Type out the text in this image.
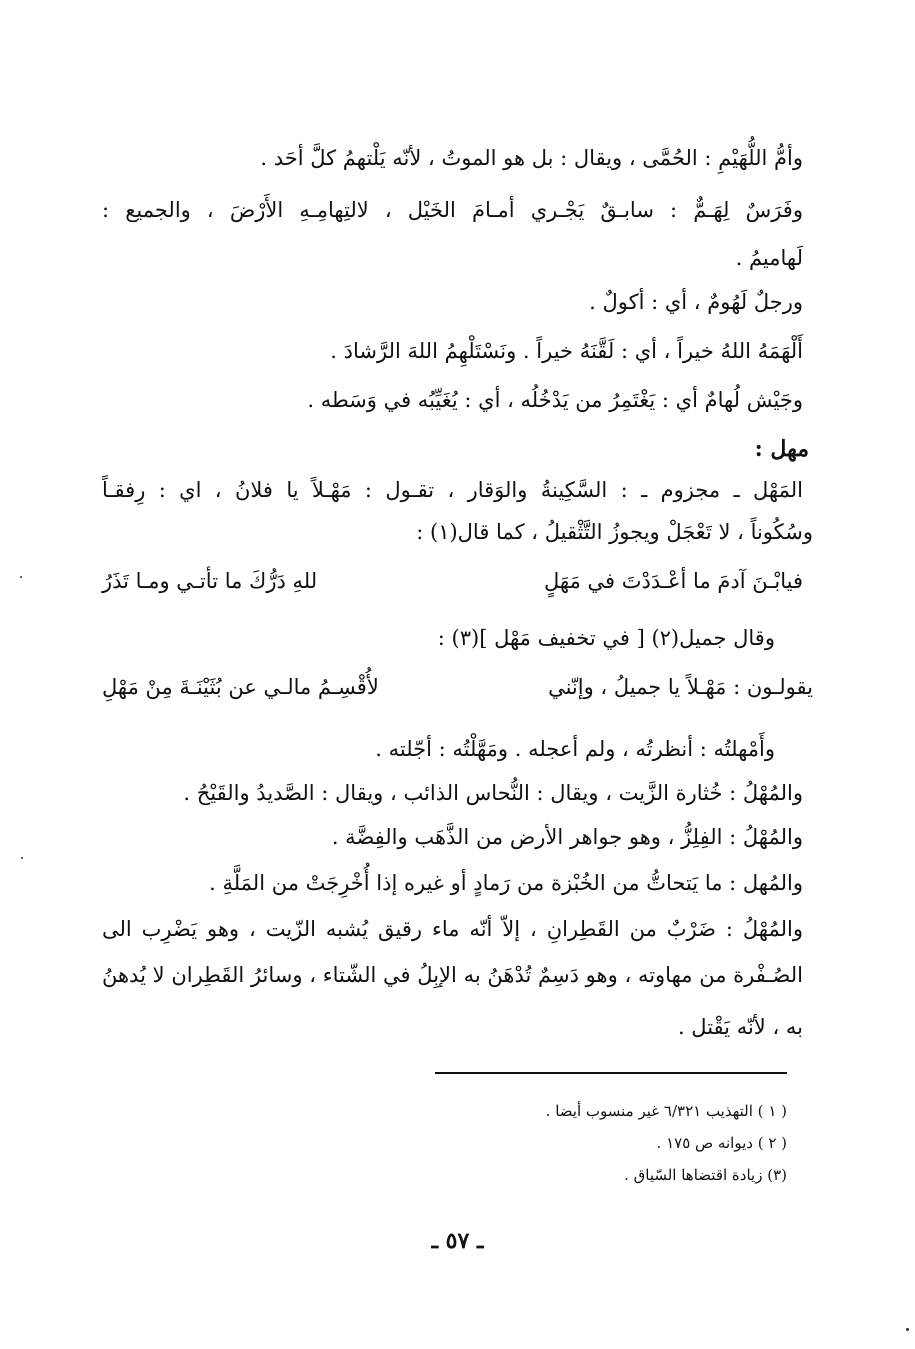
وأمُّ اللُّهَيْمِ : الحُمَّى ، ويقال : بل هو الموتُ ، لأنّه يَلْتهمُ كلَّ أحَد .
وفَرَسٌ لِهَـمٌّ : سابـقٌ يَجْـري أمـامَ الخَيْل ، لالتِهامِـهِ الأَرْضَ ، والجميع :
لَهاميمُ .
ورجلٌ لَهُومٌ ، أي : أكولٌ .
أَلْهَمَهُ اللهُ خيراً ، أي : لَقَّنَهُ خيراً . ونَسْتَلْهِمُ اللهَ الرَّشادَ .
وجَيْش لُهامٌ أي : يَغْتَمِرُ من يَدْخُلُه ، أي : يُغَيِّبُه في وَسَطه .
مهل :
المَهْل ـ مجزوم ـ : السَّكِينةُ والوَقار ، تقـول : مَهْـلاً يا فلانُ ، اي : رِفقـاً
وسُكُوناً ، لا تَعْجَلْ ويجوزُ التَّثْقيلُ ، كما قال(١) :
فيابْـنَ آدمَ ما أعْـدَدْتَ في مَهَلٍ
للهِ دَرُّكَ ما تأتـي ومـا تَذَرُ
وقال جميل(٢) [ في تخفيف مَهْل ](٣) :
يقولـون : مَهْـلاً يا جميلُ ، وإنّني
لأُقْسِـمُ مالـي عن بُثَيْنَـةَ مِنْ مَهْلِ
وأَمْهلتُه : أنظرتُه ، ولم أعجله . ومَهَّلْتُه : أجّلته .
والمُهْلُ : خُثارة الزَّيت ، ويقال : النُّحاس الذائب ، ويقال : الصَّديدُ والقَيْحُ .
والمُهْلُ : الفِلِزُّ ، وهو جواهر الأرض من الذَّهَب والفِضَّة .
والمُهل : ما يَتحاتُّ من الخُبْزة من رَمادٍ أو غيره إذا أُخْرِجَتْ من المَلَّةِ .
والمُهْلُ : ضَرْبٌ من القَطِرانِ ، إلاّ أنّه ماء رقيق يُشبه الزّيت ، وهو يَضْرِب الى
الصُـفْرة من مهاوته ، وهو دَسِمٌ تُدْهَنُ به الإبِلُ في الشّتاء ، وسائرُ القَطِران لا يُدهنُ
به ، لأنّه يَقْتل .
( ١ ) التهذيب ٦/٣٢١ غير منسوب أيضا .
( ٢ ) ديوانه ص ١٧٥ .
(٣) زيادة اقتضاها السّياق .
ـ ٥٧ ـ
